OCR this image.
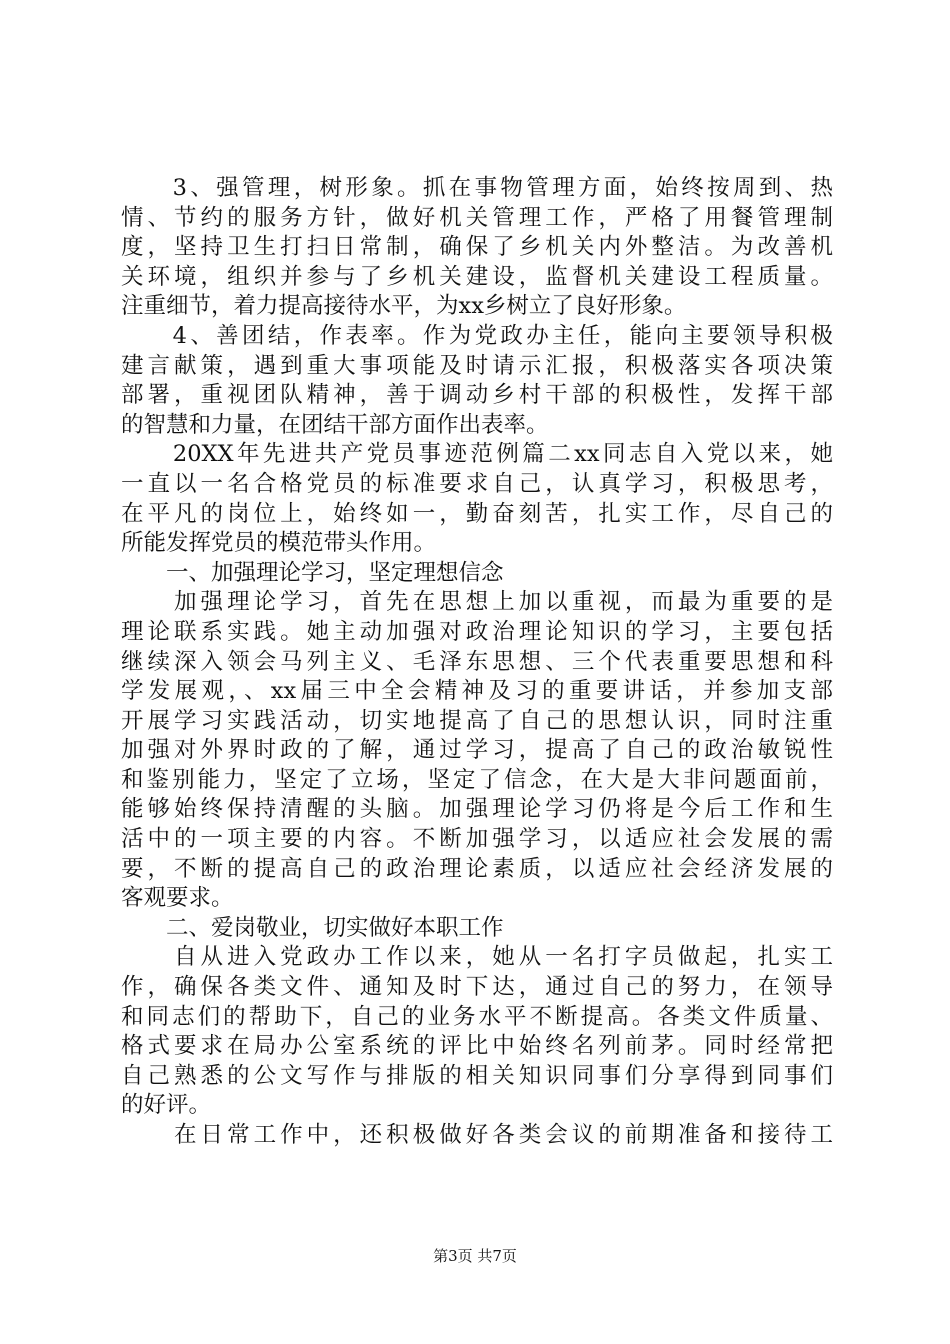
　　3、强管理，树形象。抓在事物管理方面，始终按周到、热
情、节约的服务方针，做好机关管理工作，严格了用餐管理制
度，坚持卫生打扫日常制，确保了乡机关内外整洁。为改善机
关环境，组织并参与了乡机关建设，监督机关建设工程质量。
注重细节，着力提高接待水平，为xx乡树立了良好形象。
　　4、善团结，作表率。作为党政办主任，能向主要领导积极
建言献策，遇到重大事项能及时请示汇报，积极落实各项决策
部署，重视团队精神，善于调动乡村干部的积极性，发挥干部
的智慧和力量，在团结干部方面作出表率。
　　20XX年先进共产党员事迹范例篇二xx同志自入党以来，她
一直以一名合格党员的标准要求自己，认真学习，积极思考，
在平凡的岗位上，始终如一，勤奋刻苦，扎实工作，尽自己的
所能发挥党员的模范带头作用。
　　一、加强理论学习，坚定理想信念
　　加强理论学习，首先在思想上加以重视，而最为重要的是
理论联系实践。她主动加强对政治理论知识的学习，主要包括
继续深入领会马列主义、毛泽东思想、三个代表重要思想和科
学发展观，、xx届三中全会精神及习的重要讲话，并参加支部
开展学习实践活动，切实地提高了自己的思想认识，同时注重
加强对外界时政的了解，通过学习，提高了自己的政治敏锐性
和鉴别能力，坚定了立场，坚定了信念，在大是大非问题面前，
能够始终保持清醒的头脑。加强理论学习仍将是今后工作和生
活中的一项主要的内容。不断加强学习，以适应社会发展的需
要，不断的提高自己的政治理论素质，以适应社会经济发展的
客观要求。
　　二、爱岗敬业，切实做好本职工作
　　自从进入党政办工作以来，她从一名打字员做起，扎实工
作，确保各类文件、通知及时下达，通过自己的努力，在领导
和同志们的帮助下，自己的业务水平不断提高。各类文件质量、
格式要求在局办公室系统的评比中始终名列前茅。同时经常把
自己熟悉的公文写作与排版的相关知识同事们分享得到同事们
的好评。
　　在日常工作中，还积极做好各类会议的前期准备和接待工
第3页 共7页
